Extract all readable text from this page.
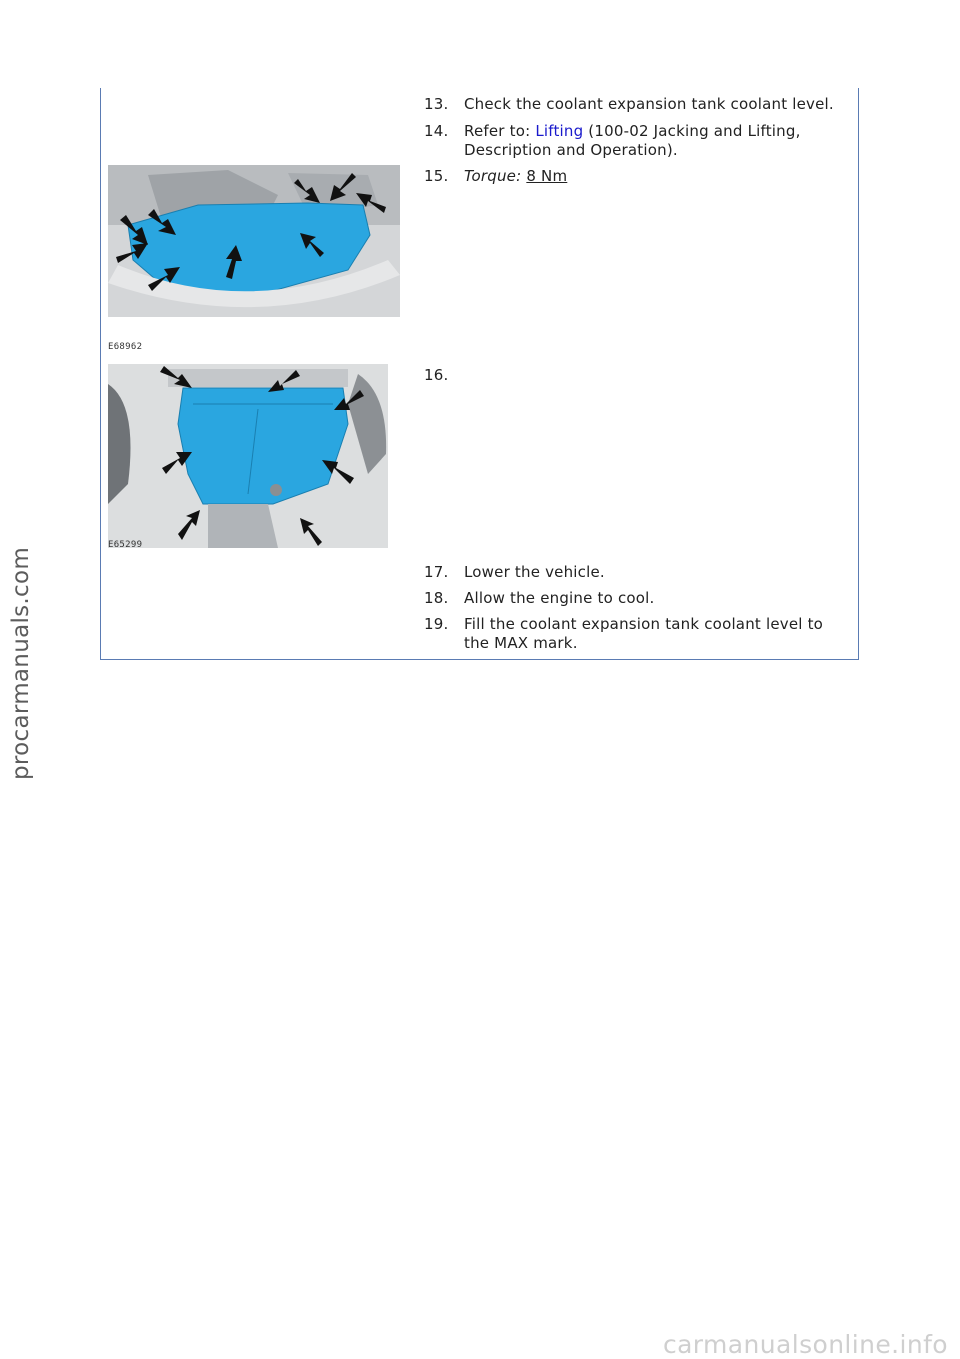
13.	Check the coolant expansion tank coolant level.
14.	Refer to: Lifting (100-02 Jacking and Lifting, Description and Operation).
15.	Torque: 8 Nm
E68962
16.
E65299
17.	Lower the vehicle.
18.	Allow the engine to cool.
19.	Fill the coolant expansion tank coolant level to the MAX mark.
procarmanuals.com
carmanualsonline.info
